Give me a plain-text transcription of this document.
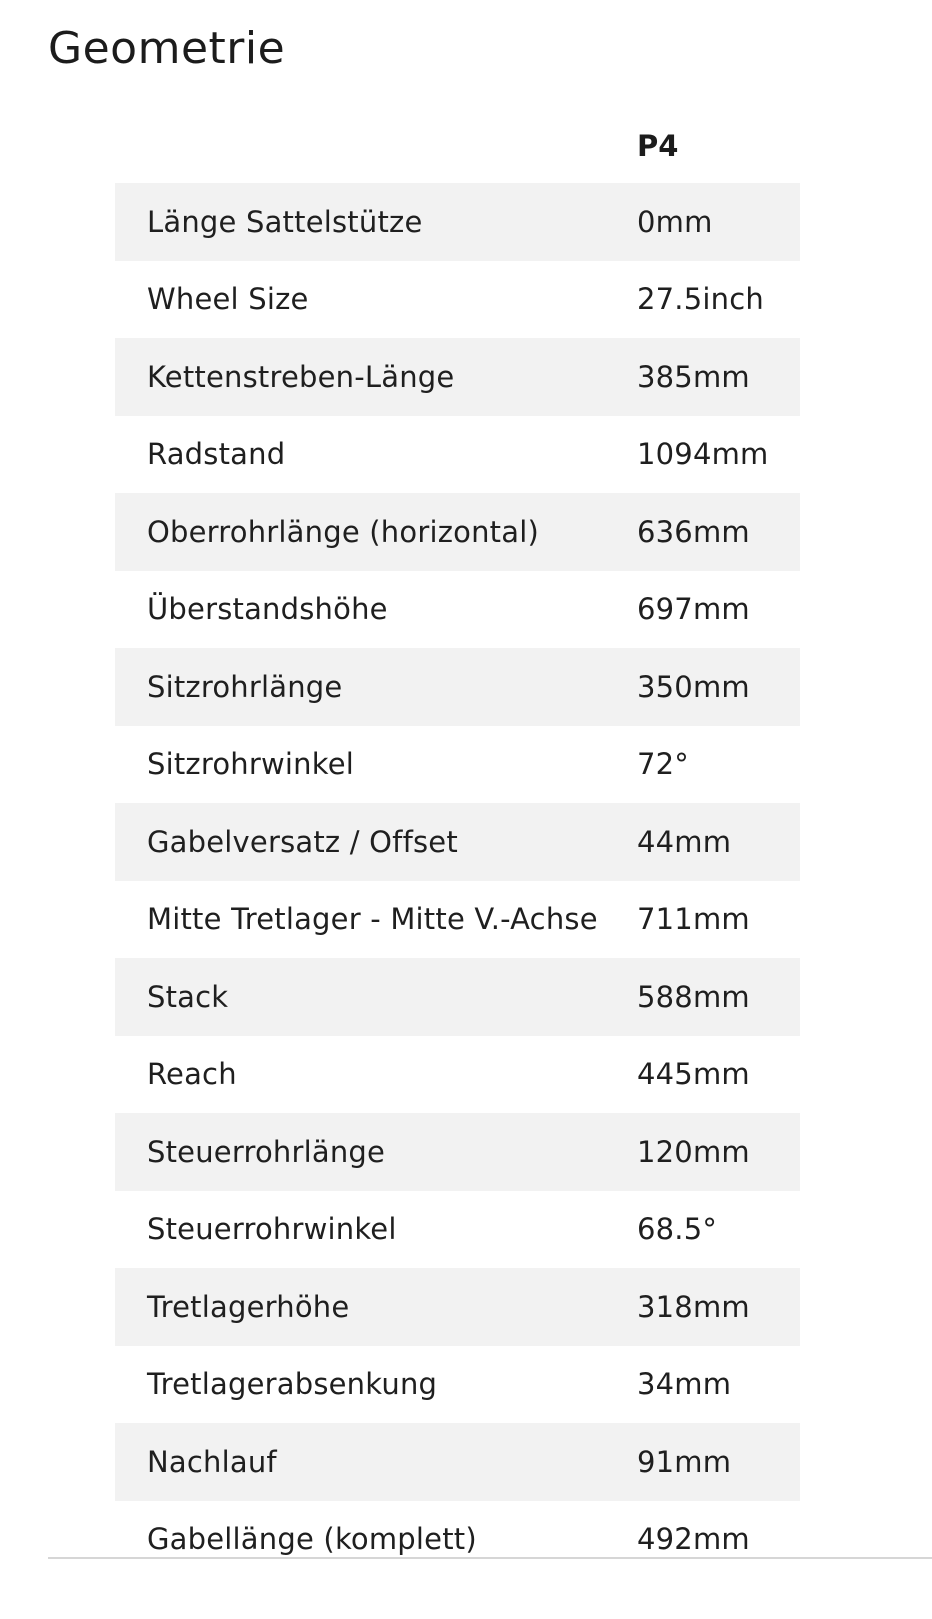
Geometrie
	P4
Länge Sattelstütze	0mm
Wheel Size	27.5inch
Kettenstreben-Länge	385mm
Radstand	1094mm
Oberrohrlänge (horizontal)	636mm
Überstandshöhe	697mm
Sitzrohrlänge	350mm
Sitzrohrwinkel	72°
Gabelversatz / Offset	44mm
Mitte Tretlager - Mitte V.-Achse	711mm
Stack	588mm
Reach	445mm
Steuerrohrlänge	120mm
Steuerrohrwinkel	68.5°
Tretlagerhöhe	318mm
Tretlagerabsenkung	34mm
Nachlauf	91mm
Gabellänge (komplett)	492mm
